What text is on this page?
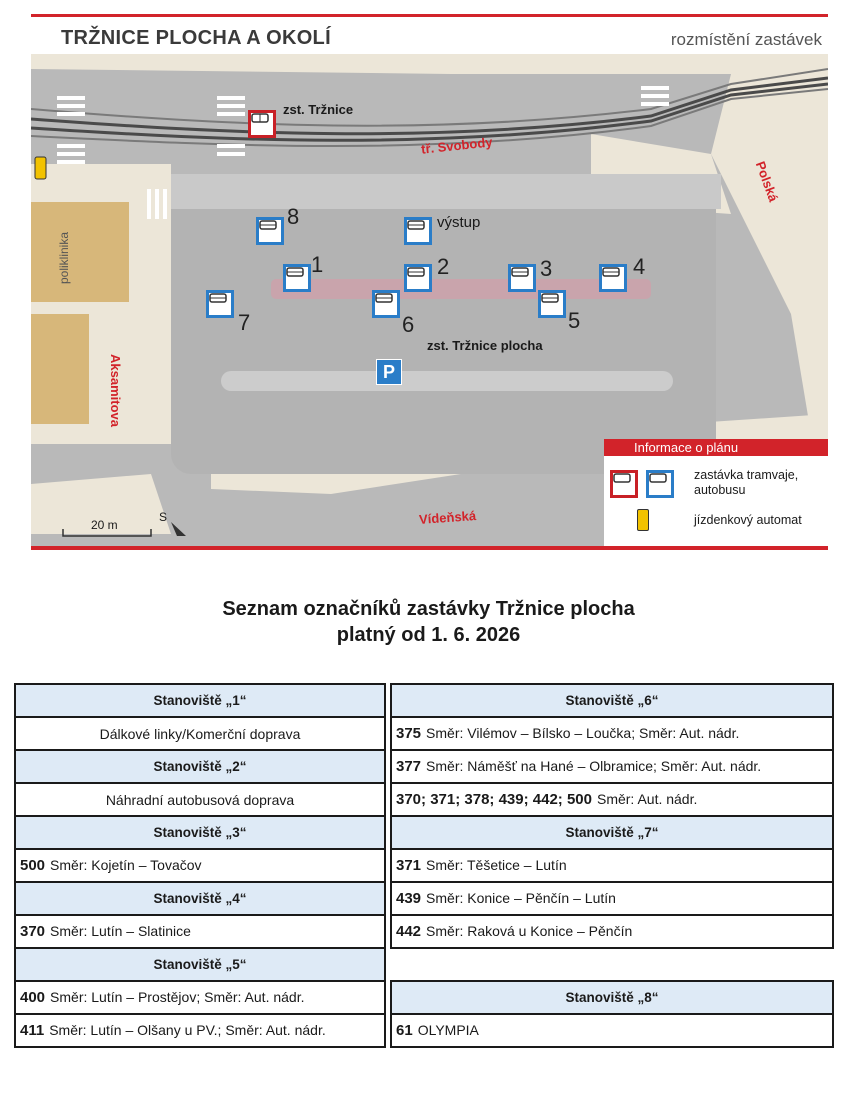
TRŽNICE PLOCHA A OKOLÍ	rozmístění zastávek
zst. Tržnice
tř. Svobody
Polská
Aksamitova
Vídeňská
poliklinika
zst. Tržnice plocha
výstup
20 m
S
P
8
1	2	3	4
5
6
7
Informace o plánu
zastávka tramvaje,
autobusu
jízdenkový automat
Seznam označníků zastávky Tržnice plocha
platný od 1. 6. 2026
Stanoviště „1“
Dálkové linky/Komerční doprava
Stanoviště „2“
Náhradní autobusová doprava
Stanoviště „3“
500 Směr: Kojetín – Tovačov
Stanoviště „4“
370 Směr: Lutín – Slatinice
Stanoviště „5“
400 Směr: Lutín – Prostějov; Směr: Aut. nádr.
411 Směr: Lutín – Olšany u PV.; Směr: Aut. nádr.
Stanoviště „6“
375 Směr: Vilémov – Bílsko – Loučka; Směr: Aut. nádr.
377 Směr: Náměšť na Hané – Olbramice; Směr: Aut. nádr.
370; 371; 378; 439; 442; 500 Směr: Aut. nádr.
Stanoviště „7“
371 Směr: Těšetice – Lutín
439 Směr: Konice – Pěnčín – Lutín
442 Směr: Raková u Konice – Pěnčín

Stanoviště „8“
61 OLYMPIA
